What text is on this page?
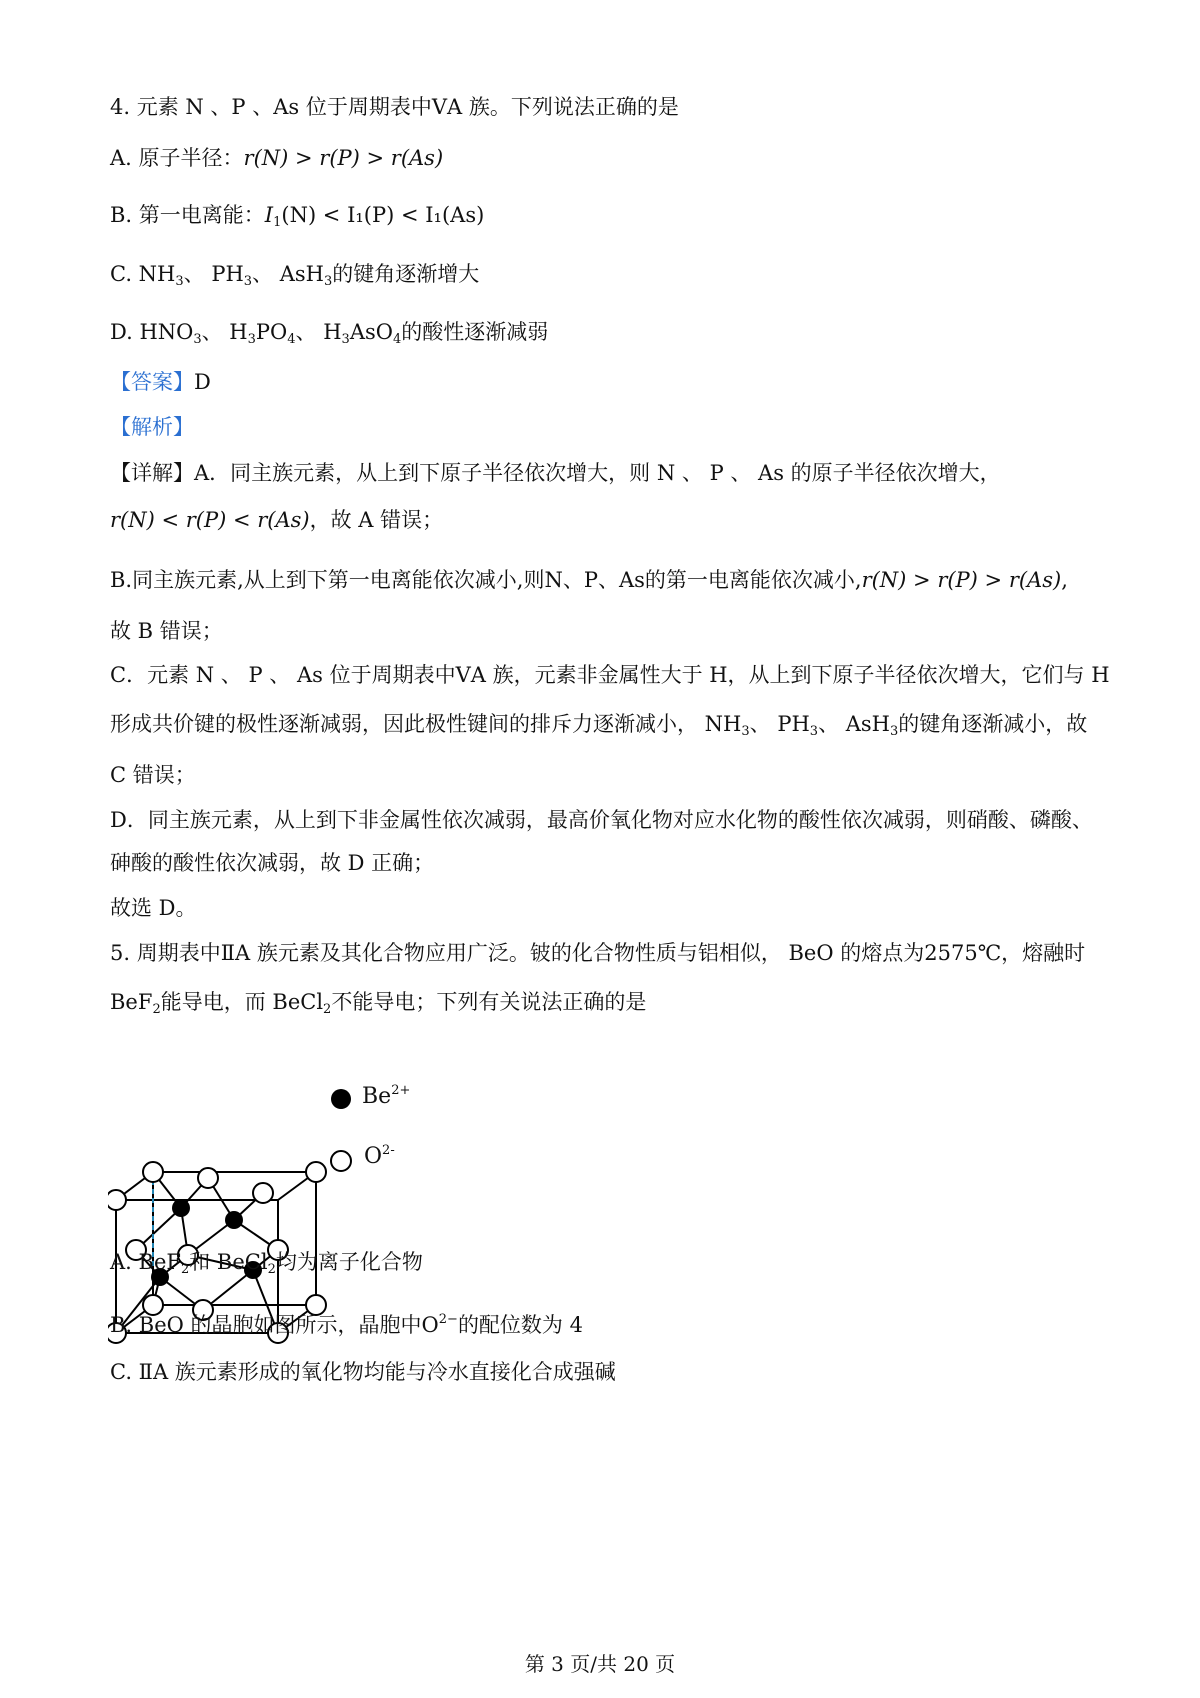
4. 元素 N 、P 、As 位于周期表中ⅤA 族。下列说法正确的是
A. 原子半径：r(N) > r(P) > r(As)
B. 第一电离能：$I_1(N) < I_1(P) < I_1(As)$
C. $NH_3$、 $PH_3$、 AsH$_3$的键角逐渐增大
D. $HNO_3$、 $H_3PO_4$、 $H_3AsO_4$的酸性逐渐减弱
【答案】D
【解析】
【详解】A．同主族元素，从上到下原子半径依次增大，则 N 、 P 、 As 的原子半径依次增大，
r(N) < r(P) < r(As)，故 A 错误；
B.同主族元素,从上到下第一电离能依次减小,则N、P、As的第一电离能依次减小,r(N) > r(P) > r(As),
故 B 错误；
C．元素 N 、 P 、 As 位于周期表中ⅤA 族，元素非金属性大于 H，从上到下原子半径依次增大，它们与 H
形成共价键的极性逐渐减弱，因此极性键间的排斥力逐渐减小， $NH_3$、 $PH_3$、 AsH$_3$的键角逐渐减小，故
C 错误；
D．同主族元素，从上到下非金属性依次减弱，最高价氧化物对应水化物的酸性依次减弱，则硝酸、磷酸、
砷酸的酸性依次减弱，故 D 正确；
故选 D。
5. 周期表中ⅡA 族元素及其化合物应用广泛。铍的化合物性质与铝相似， BeO 的熔点为2575℃，熔融时
BeF$_2$能导电，而 BeCl$_2$不能导电；下列有关说法正确的是
$Be^{2+}$
$O^{2-}$
A. BeF$_2$和 BeCl$_2$均为离子化合物
B. BeO 的晶胞如图所示，晶胞中$O^{2-}$的配位数为 4
C. ⅡA 族元素形成的氧化物均能与冷水直接化合成强碱
第 3 页/共 20 页
